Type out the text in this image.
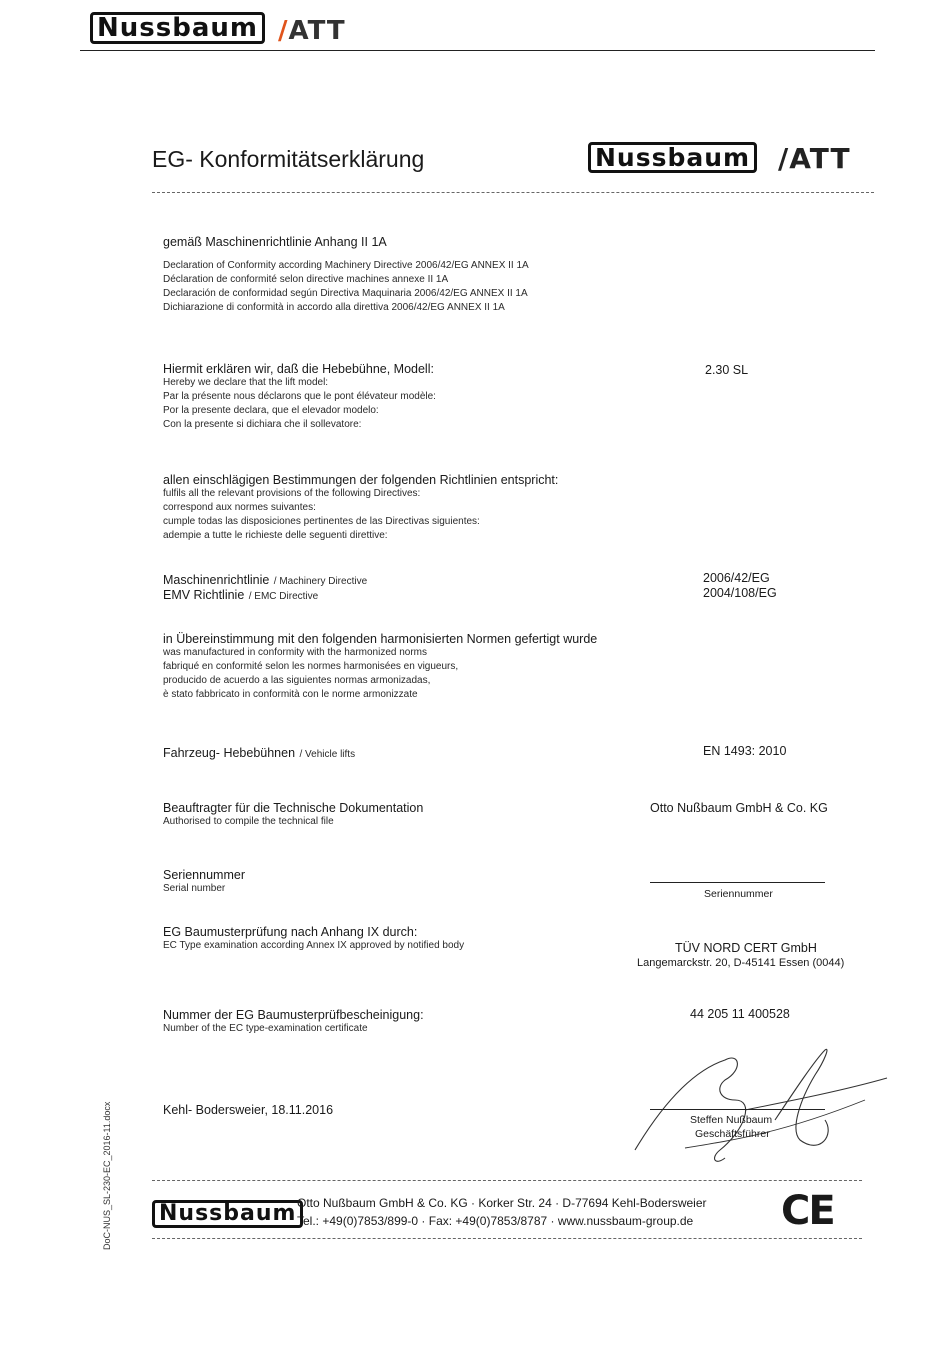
Nussbaum /ATT
EG- Konformitätserklärung	Nussbaum /ATT
gemäß Maschinenrichtlinie Anhang II 1A
Declaration of Conformity according Machinery Directive 2006/42/EG ANNEX II 1A
Déclaration de conformité selon directive machines annexe II 1A
Declaración de conformidad según Directiva Maquinaria 2006/42/EG ANNEX II 1A
Dichiarazione di conformità in accordo alla direttiva 2006/42/EG ANNEX II 1A
Hiermit erklären wir, daß die Hebebühne, Modell:
Hereby we declare that the lift model:
Par la présente nous déclarons que le pont élévateur modèle:
Por la presente declara, que el elevador modelo:
Con la presente si dichiara che il sollevatore:
2.30 SL
allen einschlägigen Bestimmungen der folgenden Richtlinien entspricht:
fulfils all the relevant provisions of the following Directives:
correspond aux normes suivantes:
cumple todas las disposiciones pertinentes de las Directivas siguientes:
adempie a tutte le richieste delle seguenti direttive:
Maschinenrichtlinie / Machinery Directive	2006/42/EG
EMV Richtlinie / EMC Directive	2004/108/EG
in Übereinstimmung mit den folgenden harmonisierten Normen gefertigt wurde
was manufactured in conformity with the harmonized norms
fabriqué en conformité selon les normes harmonisées en vigueurs,
producido de acuerdo a las siguientes normas armonizadas,
è stato fabbricato in conformità con le norme armonizzate
Fahrzeug- Hebebühnen / Vehicle lifts	EN 1493: 2010
Beauftragter für die Technische Dokumentation
Authorised to compile the technical file
Otto Nußbaum GmbH & Co. KG
Seriennummer
Serial number	Seriennummer
EG Baumusterprüfung nach Anhang IX durch:
EC Type examination according Annex IX approved by notified body	TÜV NORD CERT GmbH
Langemarckstr. 20, D-45141 Essen (0044)
Nummer der EG Baumusterprüfbescheinigung:
Number of the EC type-examination certificate
44 205 11 400528
Kehl- Bodersweier, 18.11.2016
Steffen Nußbaum
Geschäftsführer
Nussbaum Otto Nußbaum GmbH & Co. KG · Korker Str. 24 · D-77694 Kehl-Bodersweier
Tel.: +49(0)7853/899-0 · Fax: +49(0)7853/8787 · www.nussbaum-group.de CE
DoC-NUS_SL-230-EC_2016-11.docx
